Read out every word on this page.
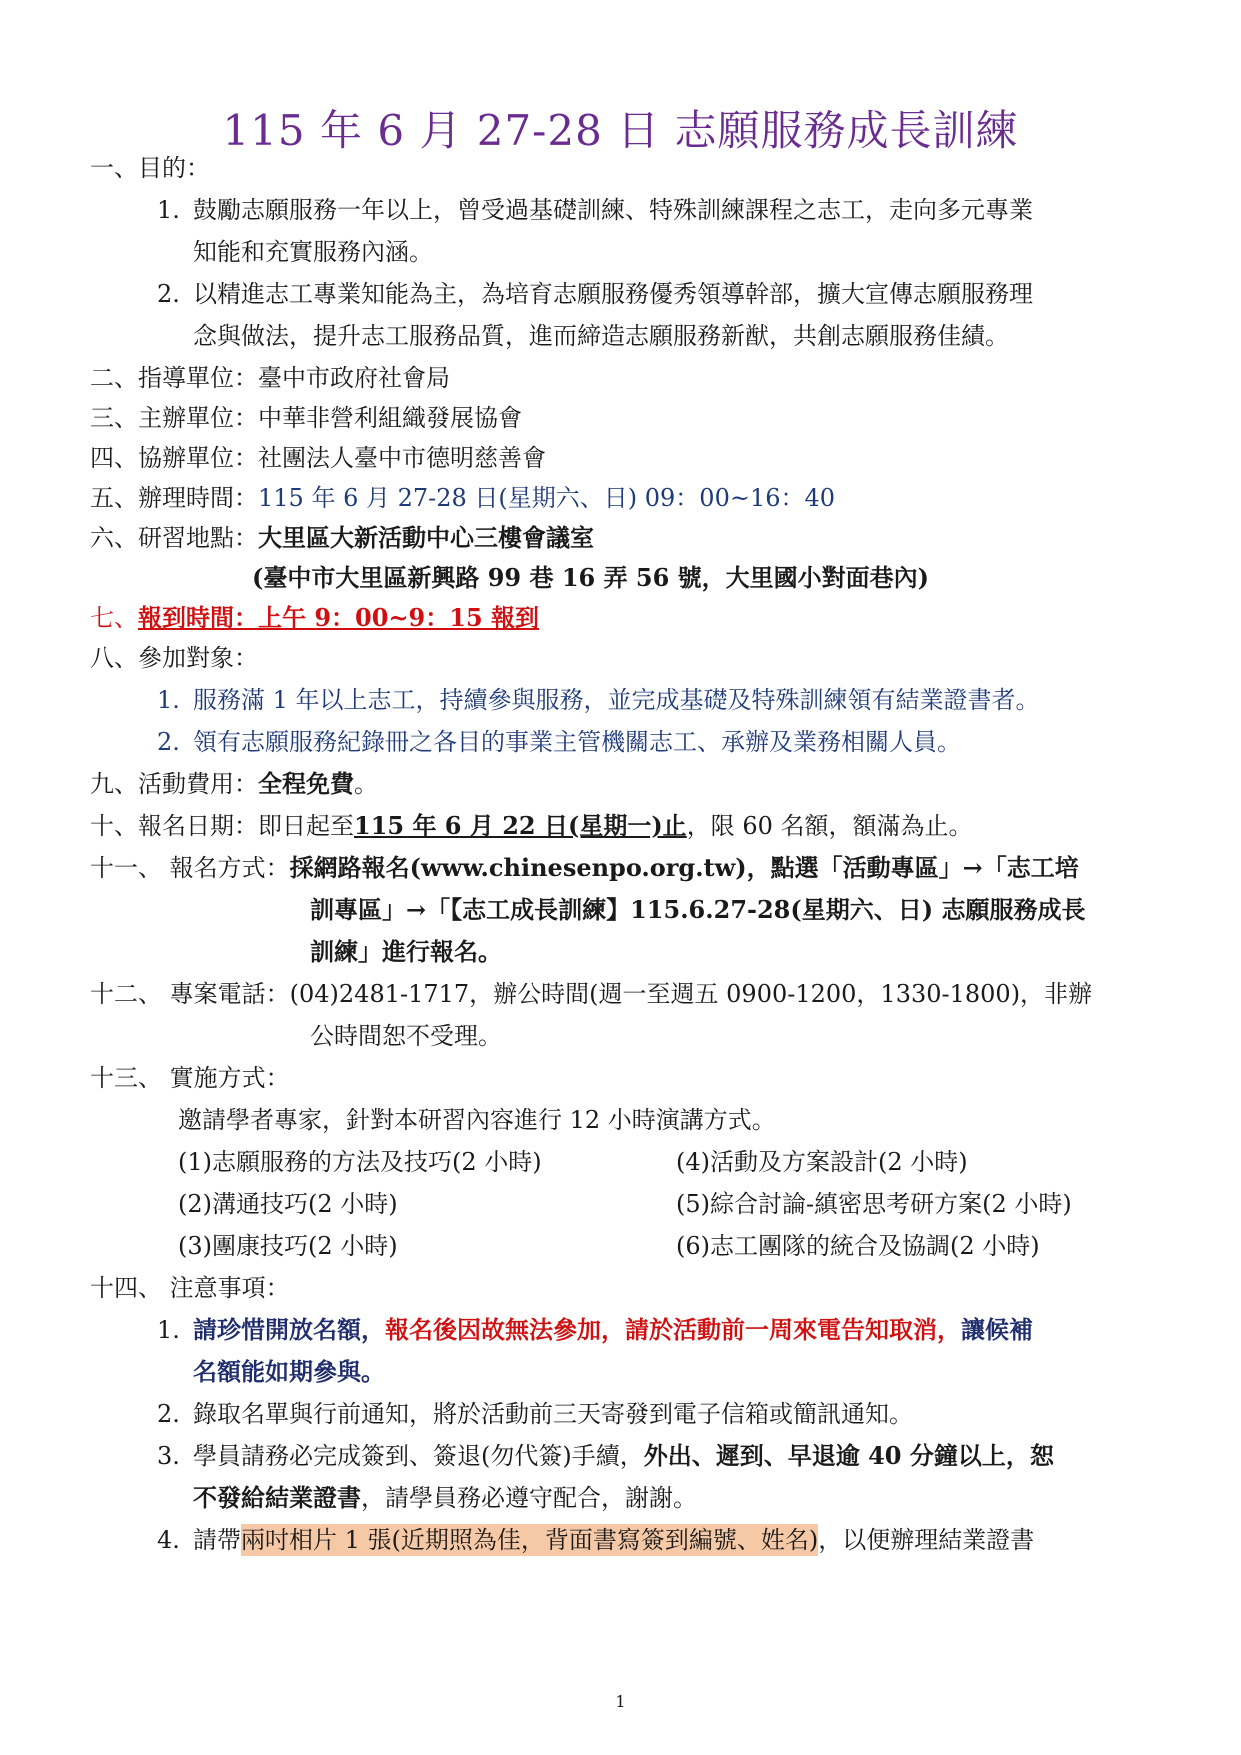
115 年 6 月 27-28 日 志願服務成長訓練
一、目的：
1. 鼓勵志願服務一年以上，曾受過基礎訓練、特殊訓練課程之志工，走向多元專業
知能和充實服務內涵。
2. 以精進志工專業知能為主，為培育志願服務優秀領導幹部，擴大宣傳志願服務理
念與做法，提升志工服務品質，進而締造志願服務新猷，共創志願服務佳績。
二、指導單位：臺中市政府社會局
三、主辦單位：中華非營利組織發展協會
四、協辦單位：社團法人臺中市德明慈善會
五、辦理時間：115 年 6 月 27-28 日(星期六、日) 09：00~16：40
六、研習地點：大里區大新活動中心三樓會議室
(臺中市大里區新興路 99 巷 16 弄 56 號，大里國小對面巷內)
七、報到時間：上午 9：00~9：15 報到
八、參加對象：
1. 服務滿 1 年以上志工，持續參與服務，並完成基礎及特殊訓練領有結業證書者。
2. 領有志願服務紀錄冊之各目的事業主管機關志工、承辦及業務相關人員。
九、活動費用：全程免費。
十、報名日期：即日起至115 年 6 月 22 日(星期一)止，限 60 名額，額滿為止。
十一、 報名方式：採網路報名(www.chinesenpo.org.tw)，點選「活動專區」→「志工培
訓專區」→「【志工成長訓練】115.6.27-28(星期六、日) 志願服務成長
訓練」進行報名。
十二、 專案電話：(04)2481-1717，辦公時間(週一至週五 0900-1200，1330-1800)，非辦
公時間恕不受理。
十三、 實施方式：
邀請學者專家，針對本研習內容進行 12 小時演講方式。
(1)志願服務的方法及技巧(2 小時)	(4)活動及方案設計(2 小時)
(2)溝通技巧(2 小時)	(5)綜合討論-縝密思考研方案(2 小時)
(3)團康技巧(2 小時)	(6)志工團隊的統合及協調(2 小時)
十四、 注意事項：
1. 請珍惜開放名額，報名後因故無法參加，請於活動前一周來電告知取消，讓候補
名額能如期參與。
2. 錄取名單與行前通知，將於活動前三天寄發到電子信箱或簡訊通知。
3. 學員請務必完成簽到、簽退(勿代簽)手續，外出、遲到、早退逾 40 分鐘以上，恕
不發給結業證書，請學員務必遵守配合，謝謝。
4. 請帶兩吋相片 1 張(近期照為佳，背面書寫簽到編號、姓名)，以便辦理結業證書
1
